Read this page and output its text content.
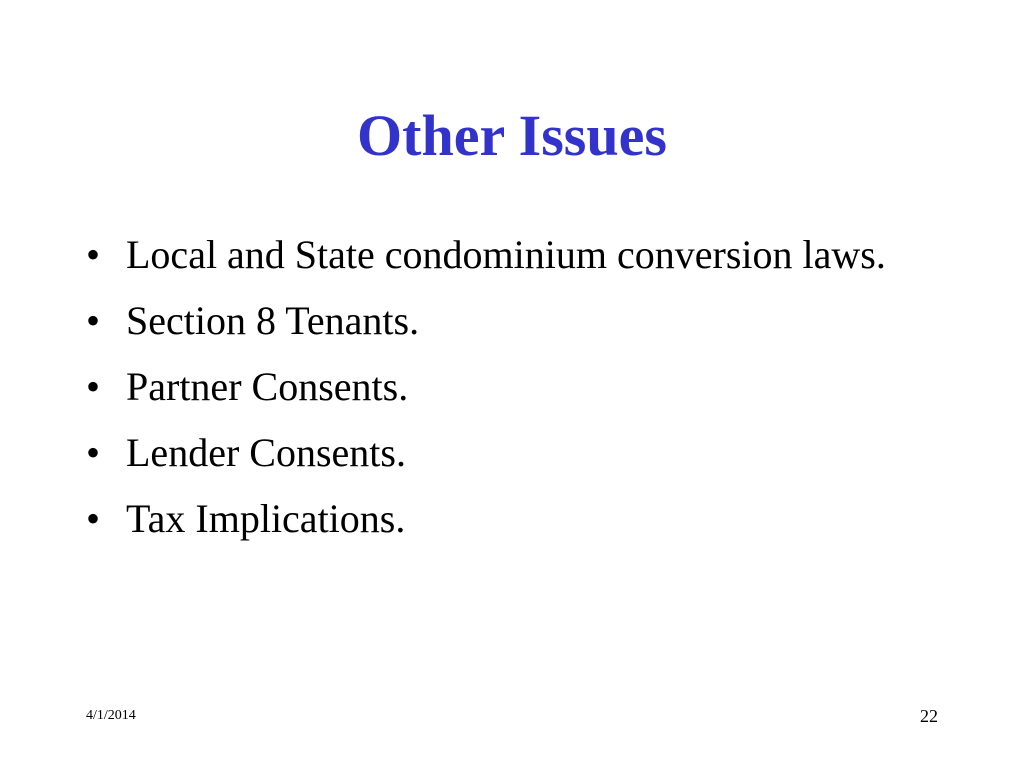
Other Issues
• Local and State condominium conversion laws.
• Section 8 Tenants.
• Partner Consents.
• Lender Consents.
• Tax Implications.
4/1/2014	22
